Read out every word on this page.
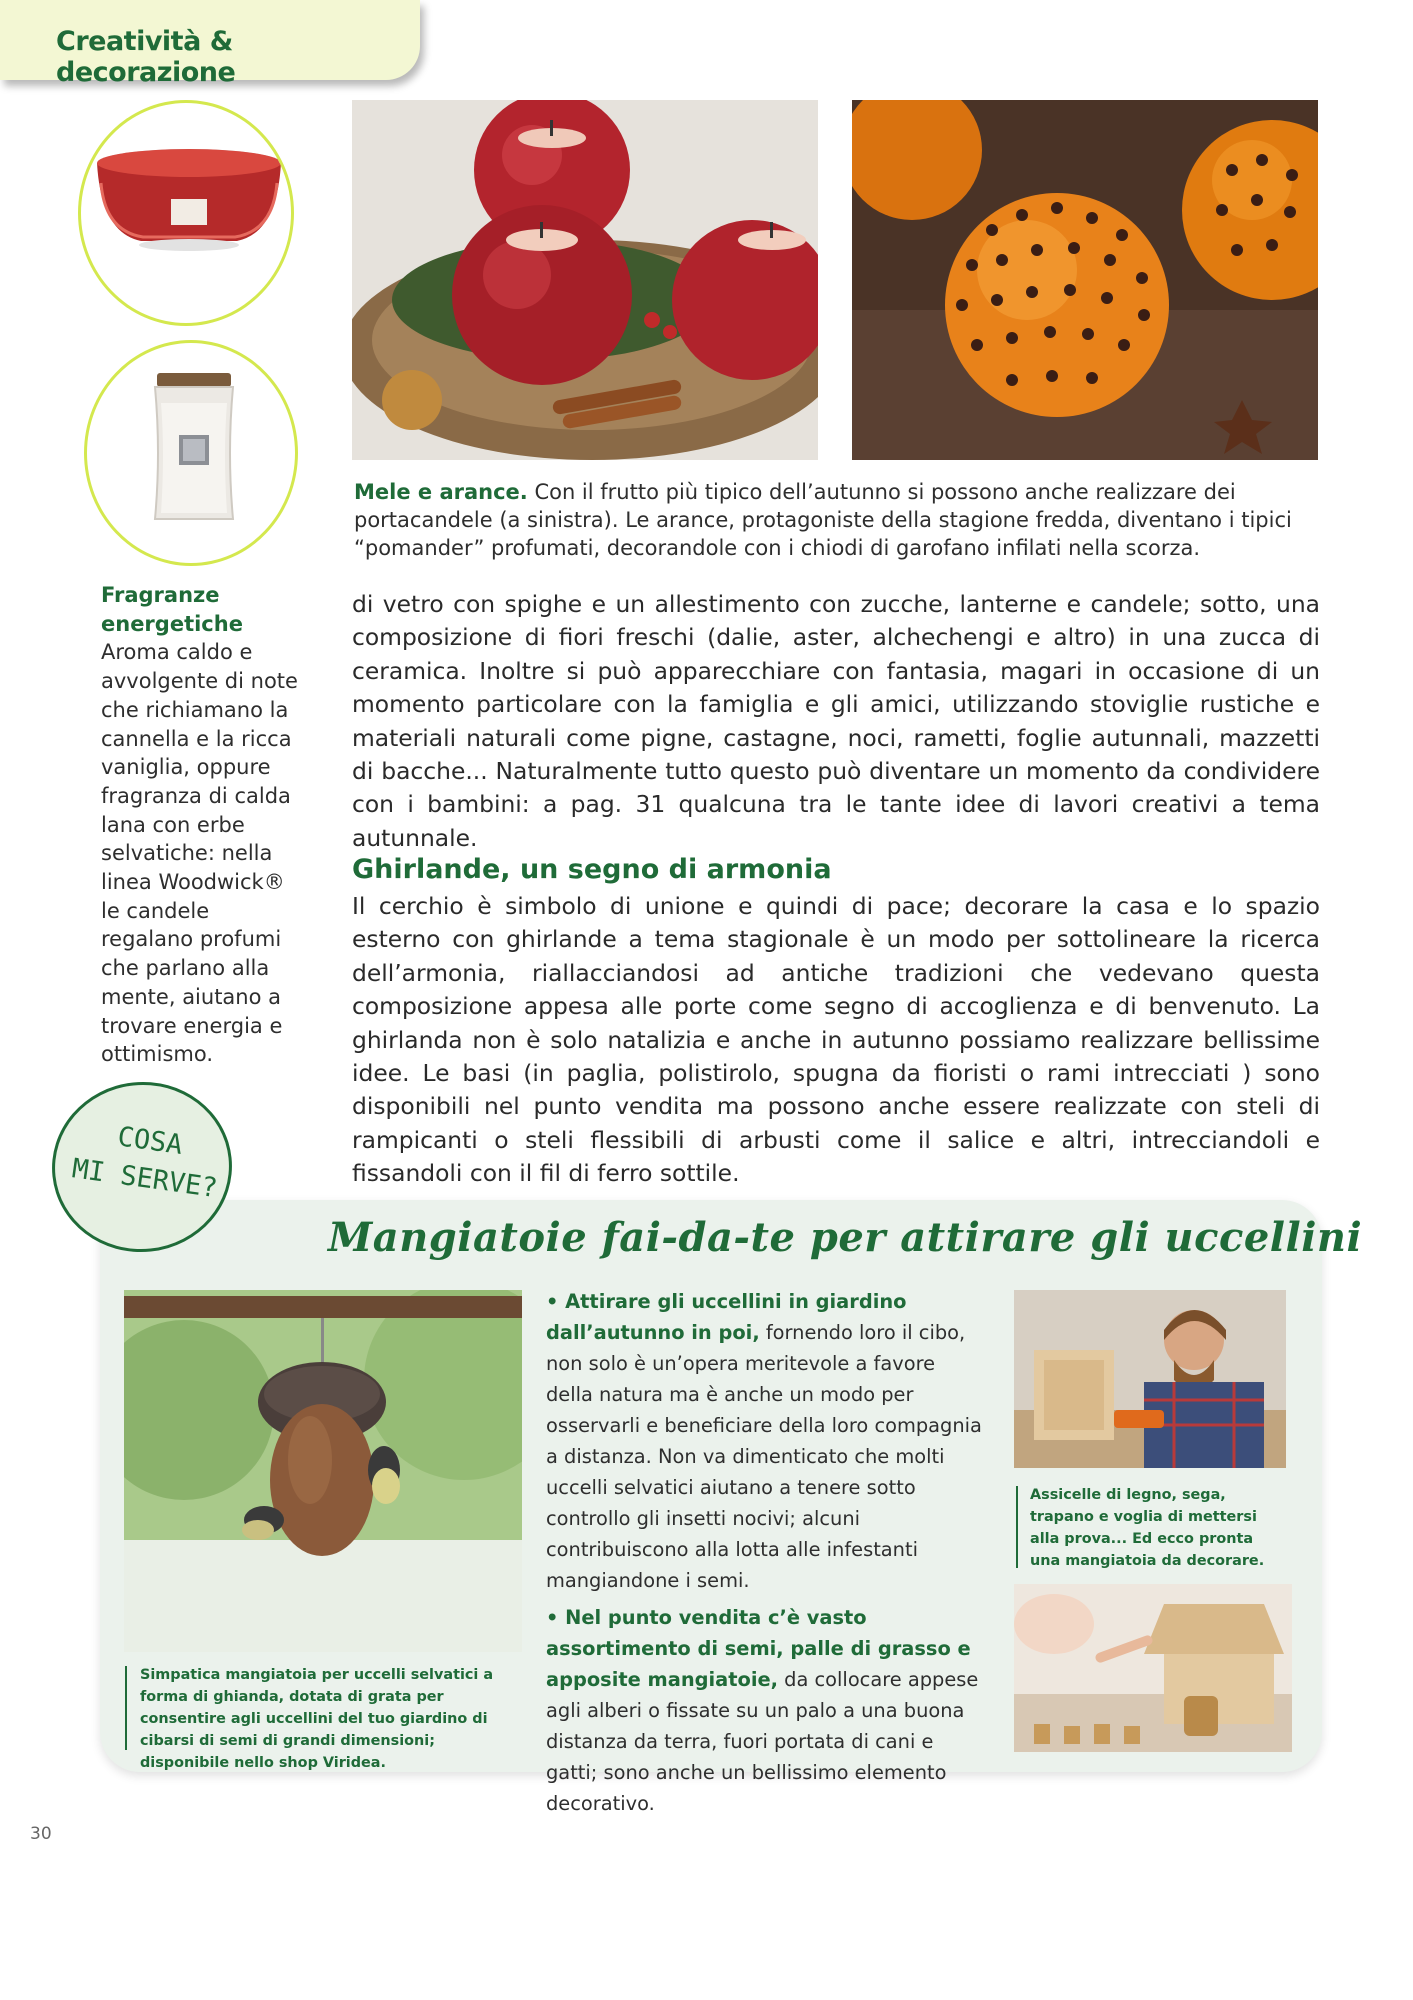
Creatività & decorazione
Mele e arance. Con il frutto più tipico dell’autunno si possono anche realizzare dei portacandele (a sinistra). Le arance, protagoniste della stagione fredda, diventano i tipici “pomander” profumati, decorandole con i chiodi di garofano infilati nella scorza.
Fragranze energetiche
Aroma caldo e avvolgente di note che richiamano la cannella e la ricca vaniglia, oppure fragranza di calda lana con erbe selvatiche: nella linea Woodwick® le candele regalano profumi che parlano alla mente, aiutano a trovare energia e ottimismo.
di vetro con spighe e un allestimento con zucche, lanterne e candele; sotto, una composizione di fiori freschi (dalie, aster, alchechengi e altro) in una zucca di ceramica. Inoltre si può apparecchiare con fantasia, magari in occasione di un momento particolare con la famiglia e gli amici, utilizzando stoviglie rustiche e materiali naturali come pigne, castagne, noci, rametti, foglie autunnali, mazzetti di bacche... Naturalmente tutto questo può diventare un momento da condividere con i bambini: a pag. 31 qualcuna tra le tante idee di lavori creativi a tema autunnale.
Ghirlande, un segno di armonia
Il cerchio è simbolo di unione e quindi di pace; decorare la casa e lo spazio esterno con ghirlande a tema stagionale è un modo per sottolineare la ricerca dell’armonia, riallacciandosi ad antiche tradizioni che vedevano questa composizione appesa alle porte come segno di accoglienza e di benvenuto. La ghirlanda non è solo natalizia e anche in autunno possiamo realizzare bellissime idee. Le basi (in paglia, polistirolo, spugna da fioristi o rami intrecciati ) sono disponibili nel punto vendita ma possono anche essere realizzate con steli di rampicanti o steli flessibili di arbusti come il salice e altri, intrecciandoli e fissandoli con il fil di ferro sottile.
COSA
MI SERVE?
Mangiatoie fai-da-te per attirare gli uccellini
Simpatica mangiatoia per uccelli selvatici a forma di ghianda, dotata di grata per consentire agli uccellini del tuo giardino di cibarsi di semi di grandi dimensioni; disponibile nello shop Viridea.

• Attirare gli uccellini in giardino dall’autunno in poi, fornendo loro il cibo, non solo è un’opera meritevole a favore della natura ma è anche un modo per osservarli e beneficiare della loro compagnia a distanza. Non va dimenticato che molti uccelli selvatici aiutano a tenere sotto controllo gli insetti nocivi; alcuni contribuiscono alla lotta alle infestanti mangiandone i semi.

• Nel punto vendita c’è vasto assortimento di semi, palle di grasso e apposite mangiatoie, da collocare appese agli alberi o fissate su un palo a una buona distanza da terra, fuori portata di cani e gatti; sono anche un bellissimo elemento decorativo.

Assicelle di legno, sega, trapano e voglia di mettersi alla prova... Ed ecco pronta una mangiatoia da decorare.
30
